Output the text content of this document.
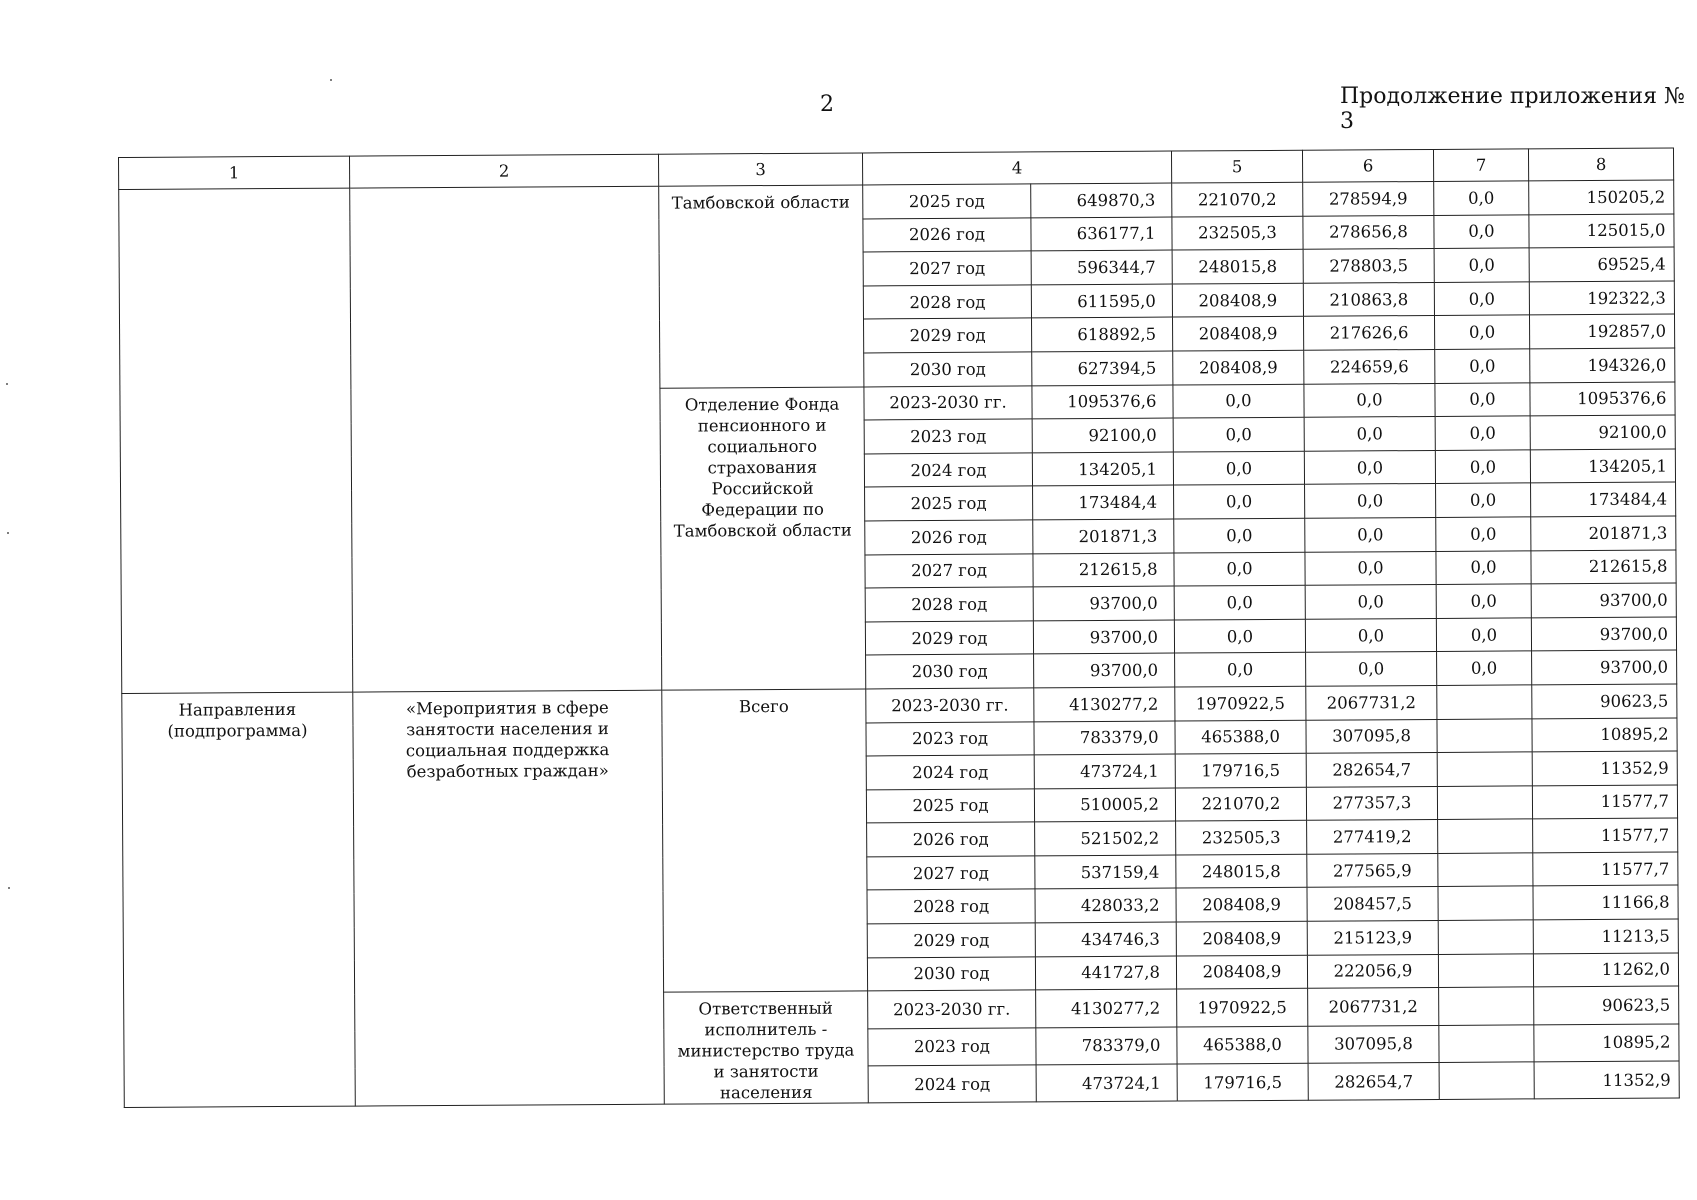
2	Продолжение приложения № 3
1	2	3	4		5	6	7	8
		Тамбовской области	2025 год	649870,3	221070,2	278594,9	0,0	150205,2
			2026 год	636177,1	232505,3	278656,8	0,0	125015,0
			2027 год	596344,7	248015,8	278803,5	0,0	69525,4
			2028 год	611595,0	208408,9	210863,8	0,0	192322,3
			2029 год	618892,5	208408,9	217626,6	0,0	192857,0
			2030 год	627394,5	208408,9	224659,6	0,0	194326,0
		Отделение Фонда пенсионного и социального страхования Российской Федерации по Тамбовской области	2023-2030 гг.	1095376,6	0,0	0,0	0,0	1095376,6
			2023 год	92100,0	0,0	0,0	0,0	92100,0
			2024 год	134205,1	0,0	0,0	0,0	134205,1
			2025 год	173484,4	0,0	0,0	0,0	173484,4
			2026 год	201871,3	0,0	0,0	0,0	201871,3
			2027 год	212615,8	0,0	0,0	0,0	212615,8
			2028 год	93700,0	0,0	0,0	0,0	93700,0
			2029 год	93700,0	0,0	0,0	0,0	93700,0
			2030 год	93700,0	0,0	0,0	0,0	93700,0
Направления (подпрограмма)	«Мероприятия в сфере занятости населения и социальная поддержка безработных граждан»	Всего	2023-2030 гг.	4130277,2	1970922,5	2067731,2		90623,5
			2023 год	783379,0	465388,0	307095,8		10895,2
			2024 год	473724,1	179716,5	282654,7		11352,9
			2025 год	510005,2	221070,2	277357,3		11577,7
			2026 год	521502,2	232505,3	277419,2		11577,7
			2027 год	537159,4	248015,8	277565,9		11577,7
			2028 год	428033,2	208408,9	208457,5		11166,8
			2029 год	434746,3	208408,9	215123,9		11213,5
			2030 год	441727,8	208408,9	222056,9		11262,0
		Ответственный исполнитель - министерство труда и занятости населения	2023-2030 гг.	4130277,2	1970922,5	2067731,2		90623,5
			2023 год	783379,0	465388,0	307095,8		10895,2
			2024 год	473724,1	179716,5	282654,7		11352,9
